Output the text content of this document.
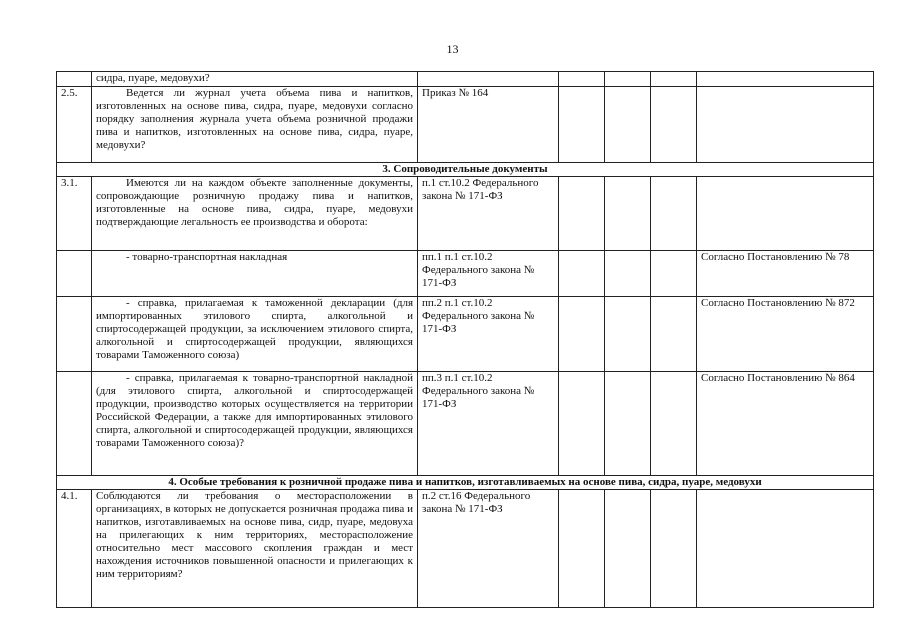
13
	сидра, пуаре, медовухи?					
2.5.	Ведется ли журнал учета объема пива и напитков, изготовленных на основе пива, сидра, пуаре, медовухи согласно порядку заполнения журнала учета объема розничной продажи пива и напитков, изготовленных на основе пива, сидра, пуаре, медовухи?	Приказ № 164				
3. Сопроводительные документы						
3.1.	Имеются ли на каждом объекте заполненные документы, сопровождающие розничную продажу пива и напитков, изготовленные на основе пива, сидра, пуаре, медовухи подтверждающие легальность ее производства и оборота:	п.1 ст.10.2 Федерального закона № 171-ФЗ				
	- товарно-транспортная накладная	пп.1 п.1 ст.10.2 Федерального закона № 171-ФЗ				Согласно Постановлению № 78
	- справка, прилагаемая к таможенной декларации (для импортированных этилового спирта, алкогольной и спиртосодержащей продукции, за исключением этилового спирта, алкогольной и спиртосодержащей продукции, являющихся товарами Таможенного союза)	пп.2 п.1 ст.10.2 Федерального закона № 171-ФЗ				Согласно Постановлению № 872
	- справка, прилагаемая к товарно-транспортной накладной (для этилового спирта, алкогольной и спиртосодержащей продукции, производство которых осуществляется на территории Российской Федерации, а также для импортированных этилового спирта, алкогольной и спиртосодержащей продукции, являющихся товарами Таможенного союза)?	пп.3 п.1 ст.10.2 Федерального закона № 171-ФЗ				Согласно Постановлению № 864
4. Особые требования к розничной продаже пива и напитков, изготавливаемых на основе пива, сидра, пуаре, медовухи						
4.1.	Соблюдаются ли требования о месторасположении в организациях, в которых не допускается розничная продажа пива и напитков, изготавливаемых на основе пива, сидр, пуаре, медовуха на прилегающих к ним территориях, месторасположение относительно мест массового скопления граждан и мест нахождения источников повышенной опасности и прилегающих к ним территориям?	п.2 ст.16 Федерального закона № 171-ФЗ				
